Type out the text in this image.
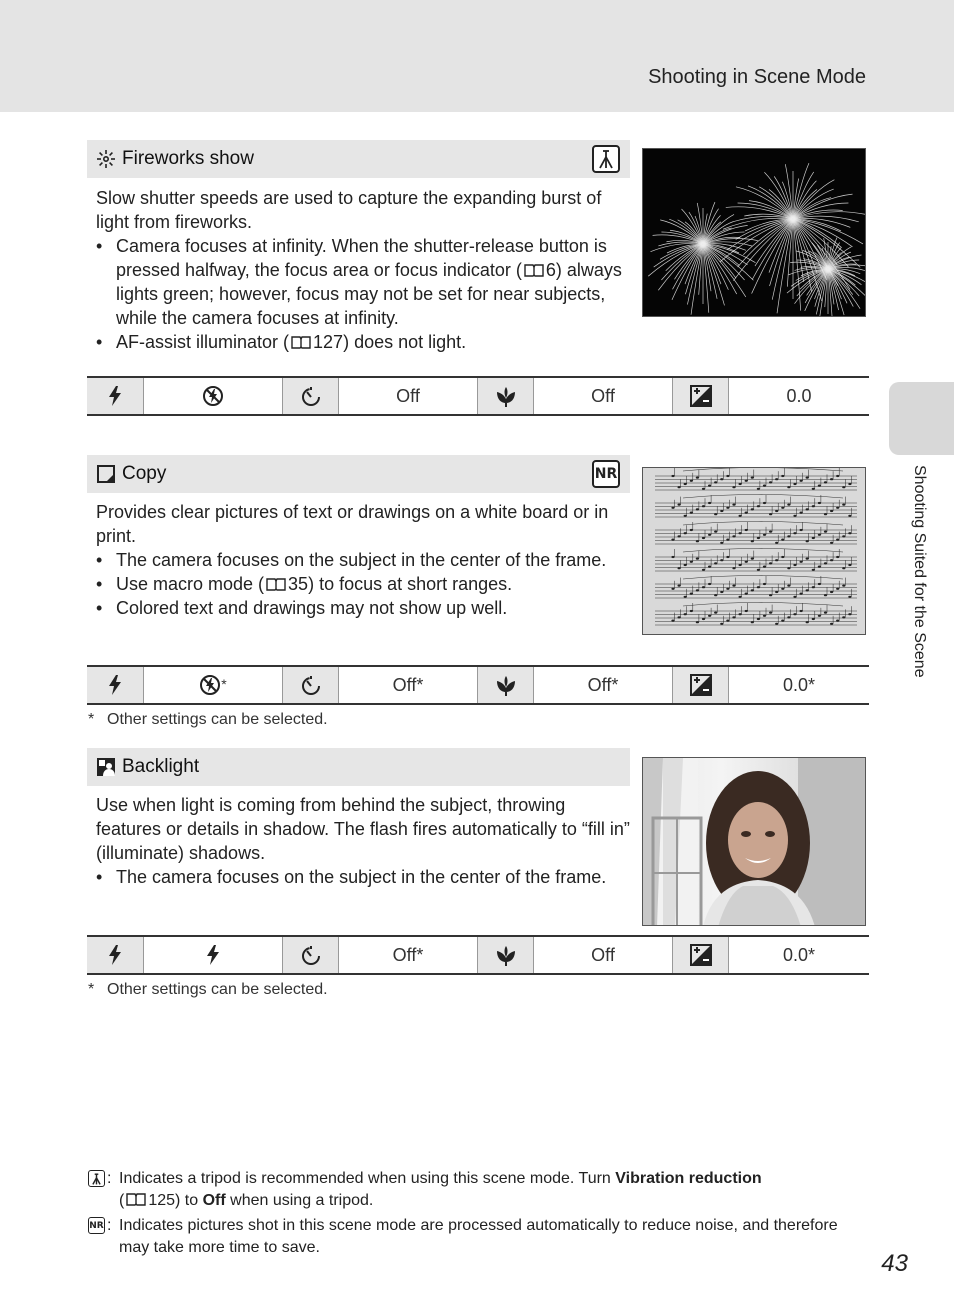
Shooting in Scene Mode
Shooting Suited for the Scene
Fireworks show
Slow shutter speeds are used to capture the expanding burst of light from fireworks.
• Camera focuses at infinity. When the shutter-release button is pressed halfway, the focus area or focus indicator ( 6) always lights green; however, focus may not be set for near subjects, while the camera focuses at infinity.
• AF-assist illuminator ( 127) does not light.
Off	Off	0.0
Copy	NR
Provides clear pictures of text or drawings on a white board or in print.
• The camera focuses on the subject in the center of the frame.
• Use macro mode ( 35) to focus at short ranges.
• Colored text and drawings may not show up well.
*	Off*	Off*	0.0*
* Other settings can be selected.
Backlight
Use when light is coming from behind the subject, throwing features or details in shadow. The flash fires automatically to “fill in” (illuminate) shadows.
• The camera focuses on the subject in the center of the frame.
Off*	Off	0.0*
* Other settings can be selected.
: Indicates a tripod is recommended when using this scene mode. Turn Vibration reduction
( 125) to Off when using a tripod.
NR : Indicates pictures shot in this scene mode are processed automatically to reduce noise, and therefore may take more time to save.
43
